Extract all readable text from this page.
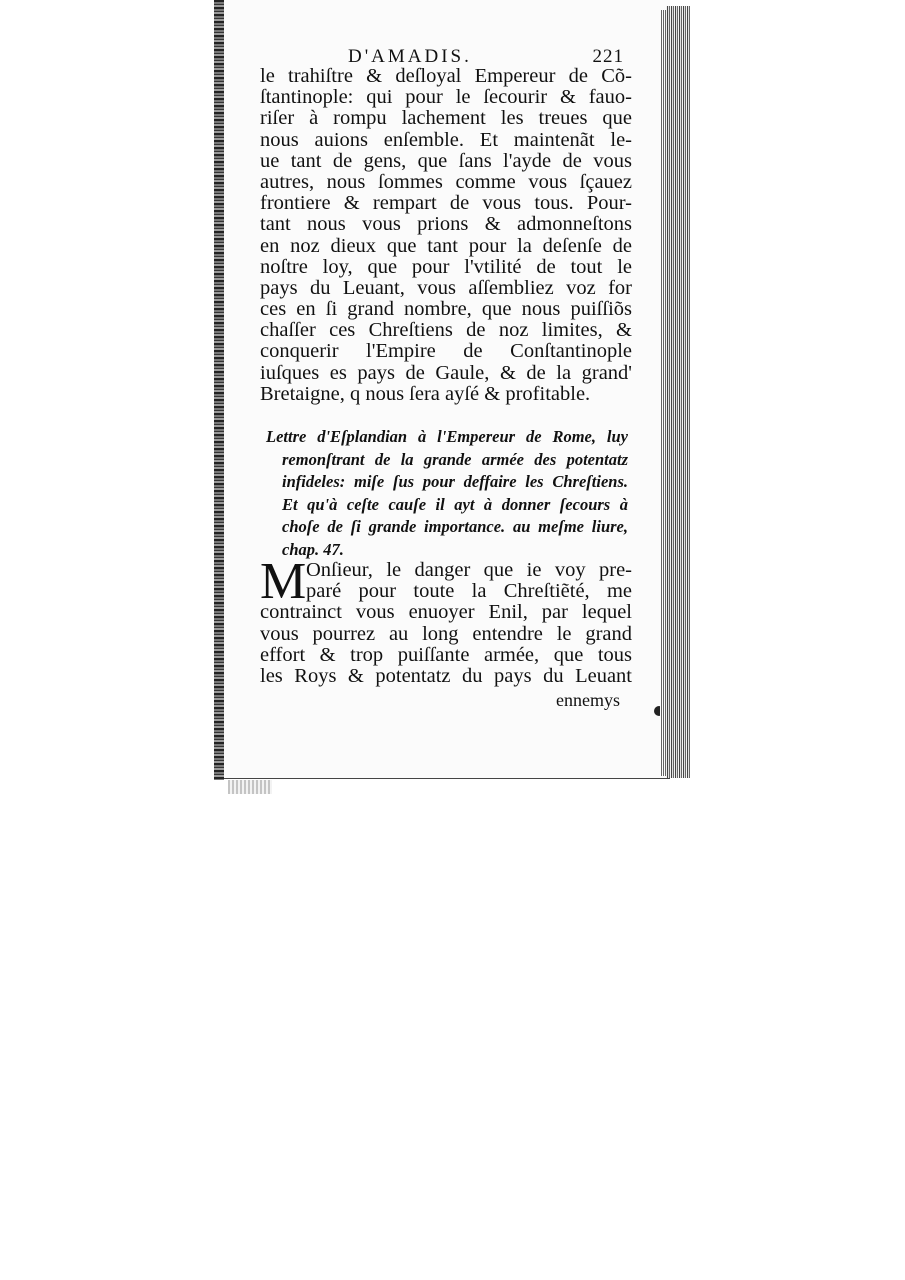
D'AMADIS.	221
le trahiſtre & deſloyal Empereur de Cõ-
ſtantinople: qui pour le ſecourir & fauo-
riſer à rompu lachement les treues que
nous auions enſemble. Et maintenãt le-
ue tant de gens, que ſans l'ayde de vous
autres, nous ſommes comme vous ſçauez
frontiere & rempart de vous tous. Pour-
tant nous vous prions & admonneſtons
en noz dieux que tant pour la deſenſe de
noſtre loy, que pour l'vtilité de tout le
pays du Leuant, vous aſſembliez voz for
ces en ſi grand nombre, que nous puiſſiõs
chaſſer ces Chreſtiens de noz limites, &
conquerir l'Empire de Conſtantinople
iuſques es pays de Gaule, & de la grand'
Bretaigne, q nous ſera ayſé & profitable.
Lettre d'Eſplandian à l'Empereur de Rome, luy
remonſtrant de la grande armée des potentatz
infideles: miſe ſus pour deffaire les Chreſtiens.
Et qu'à ceſte cauſe il ayt à donner ſecours à
choſe de ſi grande importance. au meſme liure,
chap. 47.
M Onſieur, le danger que ie voy pre-
paré pour toute la Chreſtiẽté, me
contrainct vous enuoyer Enil, par lequel
vous pourrez au long entendre le grand
effort & trop puiſſante armée, que tous
les Roys & potentatz du pays du Leuant
ennemys
